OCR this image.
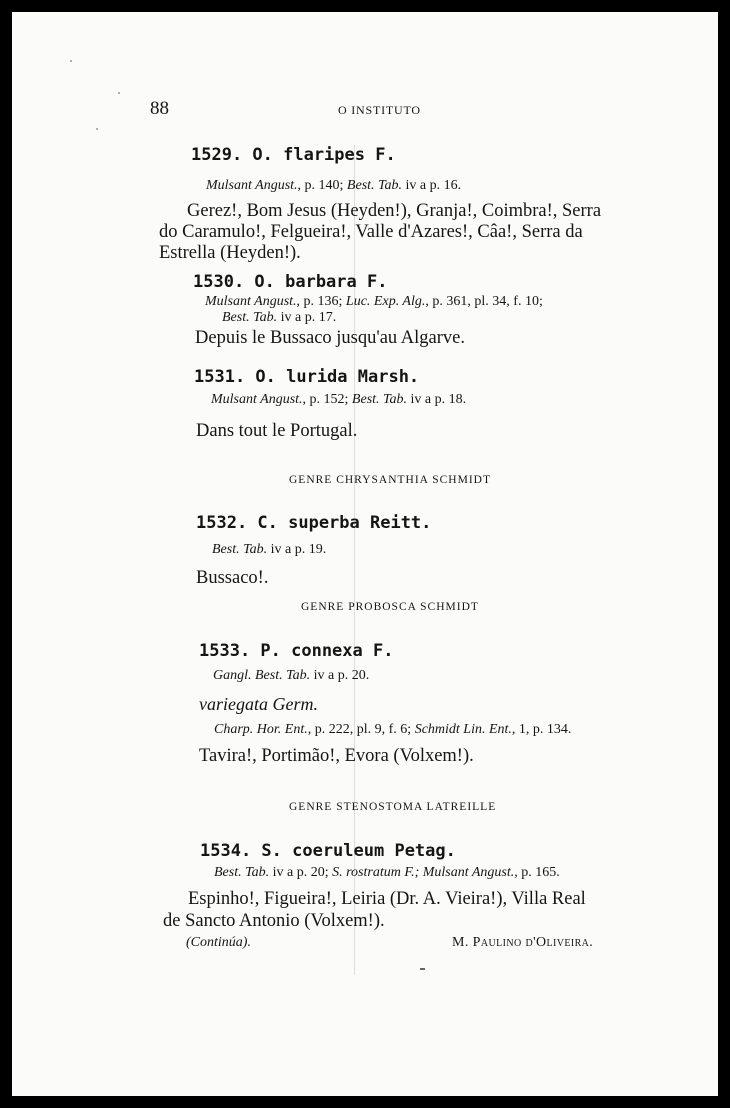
88	O INSTITUTO
1529. O. flaripes F.
Mulsant Angust., p. 140; Best. Tab. iv a p. 16.
Gerez!, Bom Jesus (Heyden!), Granja!, Coimbra!, Serra
do Caramulo!, Felgueira!, Valle d'Azares!, Câa!, Serra da
Estrella (Heyden!).
1530. O. barbara F.
Mulsant Angust., p. 136; Luc. Exp. Alg., p. 361, pl. 34, f. 10;
Best. Tab. iv a p. 17.
Depuis le Bussaco jusqu'au Algarve.
1531. O. lurida Marsh.
Mulsant Angust., p. 152; Best. Tab. iv a p. 18.
Dans tout le Portugal.
GENRE CHRYSANTHIA SCHMIDT
1532. C. superba Reitt.
Best. Tab. iv a p. 19.
Bussaco!.
GENRE PROBOSCA SCHMIDT
1533. P. connexa F.
Gangl. Best. Tab. iv a p. 20.
variegata Germ.
Charp. Hor. Ent., p. 222, pl. 9, f. 6; Schmidt Lin. Ent., 1, p. 134.
Tavira!, Portimão!, Evora (Volxem!).
GENRE STENOSTOMA LATREILLE
1534. S. coeruleum Petag.
Best. Tab. iv a p. 20; S. rostratum F.; Mulsant Angust., p. 165.
Espinho!, Figueira!, Leiria (Dr. A. Vieira!), Villa Real
de Sancto Antonio (Volxem!).
(Continúa).	M. Paulino d'Oliveira.
